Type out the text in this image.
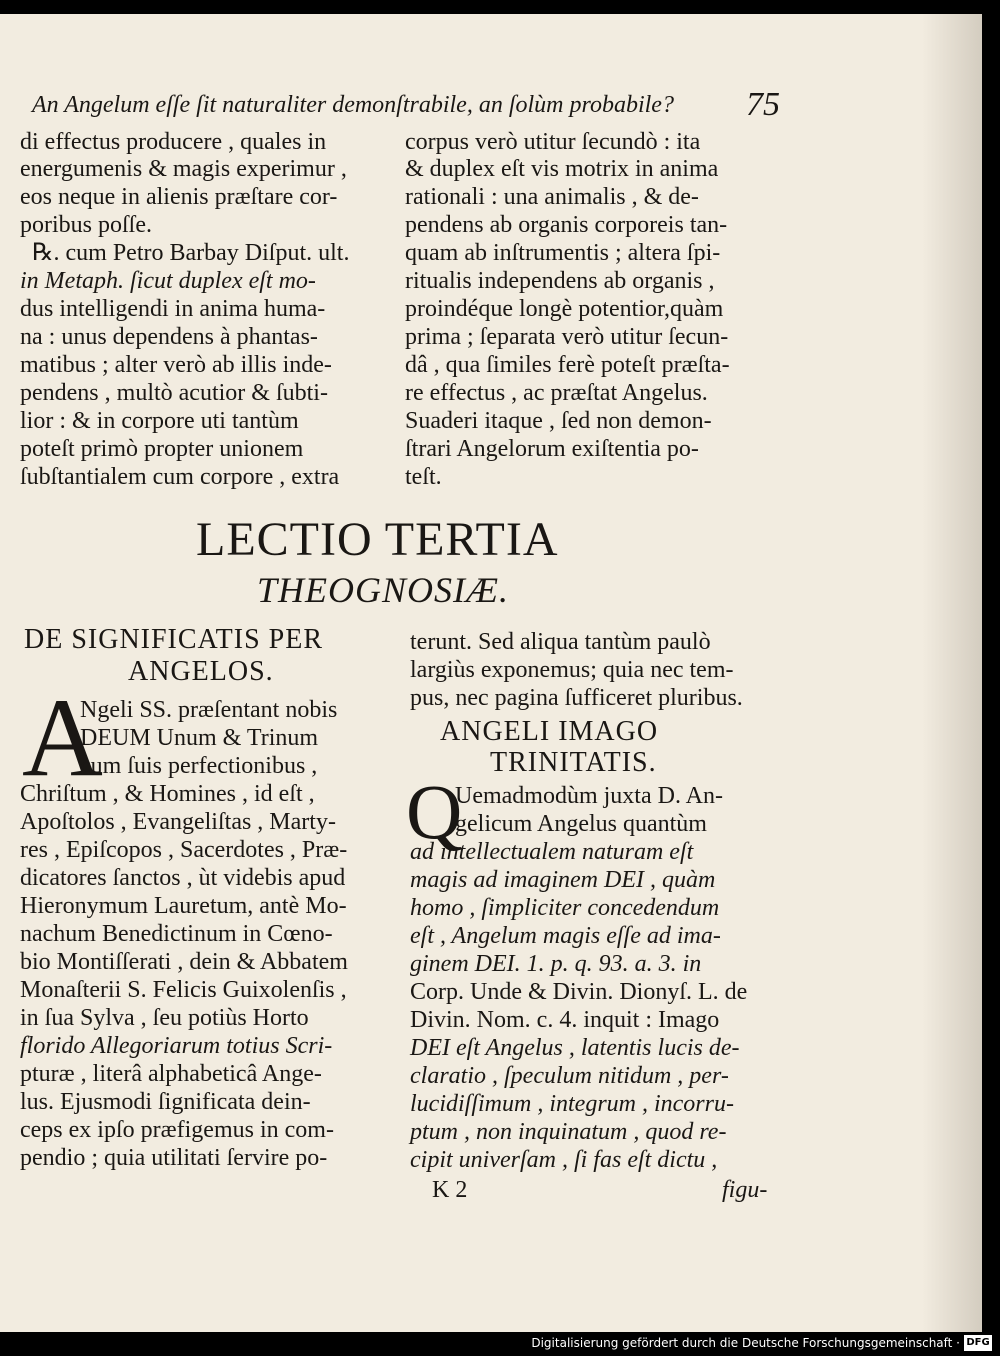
An Angelum eſſe ſit naturaliter demonſtrabile, an ſolùm probabile? 75
di effectus producere , quales in
energumenis & magis experimur ,
eos neque in alienis præſtare cor-
poribus poſſe.
℞. cum Petro Barbay Diſput. ult.
in Metaph. ſicut duplex eſt mo-
dus intelligendi in anima huma-
na : unus dependens à phantas-
matibus ; alter verò ab illis inde-
pendens , multò acutior & ſubti-
lior : & in corpore uti tantùm
poteſt primò propter unionem
ſubſtantialem cum corpore , extra
corpus verò utitur ſecundò : ita
& duplex eſt vis motrix in anima
rationali : una animalis , & de-
pendens ab organis corporeis tan-
quam ab inſtrumentis ; altera ſpi-
ritualis independens ab organis ,
proindéque longè potentior,quàm
prima ; ſeparata verò utitur ſecun-
dâ , qua ſimiles ferè poteſt præſta-
re effectus , ac præſtat Angelus.
Suaderi itaque , ſed non demon-
ſtrari Angelorum exiſtentia po-
teſt.
LECTIO TERTIA
THEOGNOSIÆ.
DE SIGNIFICATIS PER
ANGELOS.
A
Ngeli SS. præſentant nobis
DEUM Unum & Trinum
cum ſuis perfectionibus ,
Chriſtum , & Homines , id eſt ,
Apoſtolos , Evangeliſtas , Marty-
res , Epiſcopos , Sacerdotes , Præ-
dicatores ſanctos , ùt videbis apud
Hieronymum Lauretum, antè Mo-
nachum Benedictinum in Cœno-
bio Montiſſerati , dein & Abbatem
Monaſterii S. Felicis Guixolenſis ,
in ſua Sylva , ſeu potiùs Horto
florido Allegoriarum totius Scri-
pturæ , literâ alphabeticâ Ange-
lus. Ejusmodi ſignificata dein-
ceps ex ipſo præfigemus in com-
pendio ; quia utilitati ſervire po-
terunt. Sed aliqua tantùm paulò
largiùs exponemus; quia nec tem-
pus, nec pagina ſufficeret pluribus.
ANGELI IMAGO
TRINITATIS.
Q
Uemadmodùm juxta D. An-
gelicum Angelus quantùm
ad intellectualem naturam eſt
magis ad imaginem DEI , quàm
homo , ſimpliciter concedendum
eſt , Angelum magis eſſe ad ima-
ginem DEI. 1. p. q. 93. a. 3. in
Corp. Unde & Divin. Dionyſ. L. de
Divin. Nom. c. 4. inquit : Imago
DEI eſt Angelus , latentis lucis de-
claratio , ſpeculum nitidum , per-
lucidiſſimum , integrum , incorru-
ptum , non inquinatum , quod re-
cipit univerſam , ſi fas eſt dictu ,
K 2	figu-
Digitalisierung gefördert durch die Deutsche Forschungsgemeinschaft · DFG
